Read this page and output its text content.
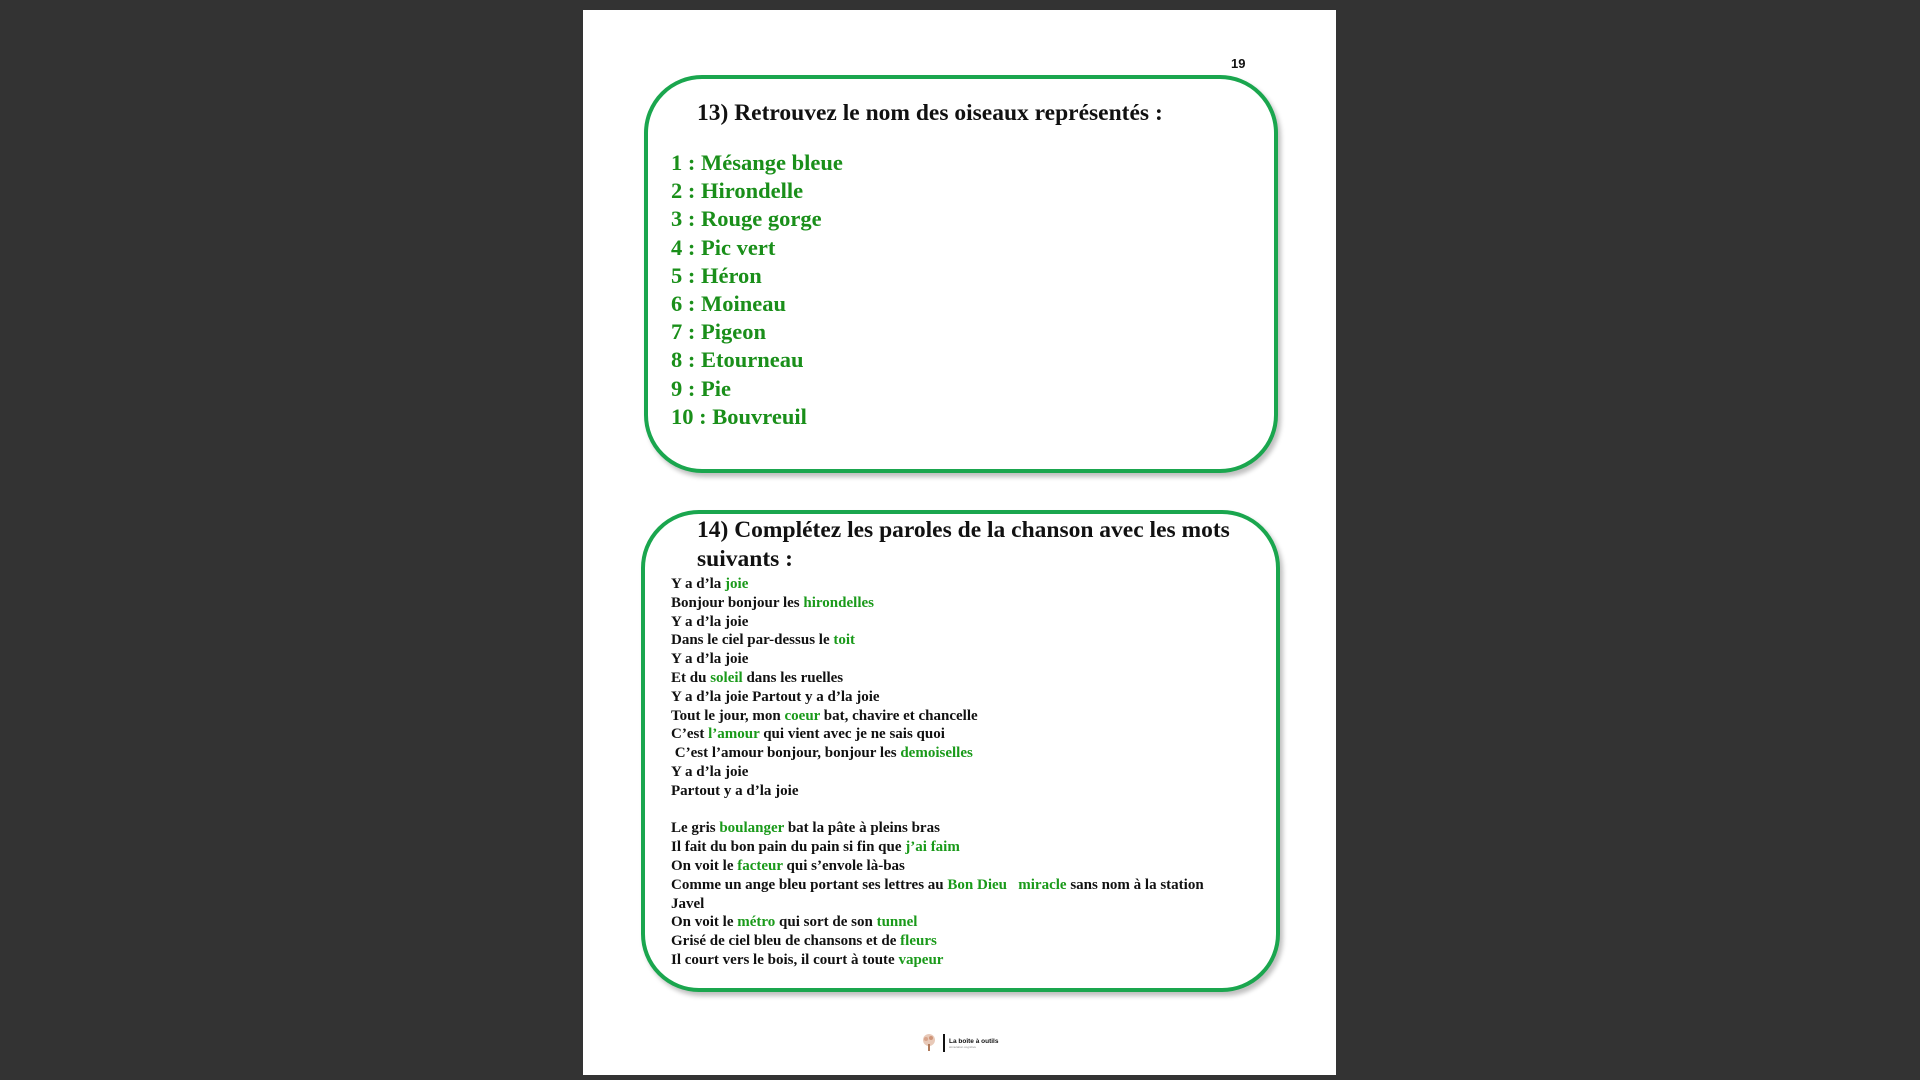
19
13) Retrouvez le nom des oiseaux représentés :
1 : Mésange bleue
2 : Hirondelle
3 : Rouge gorge
4 : Pic vert
5 : Héron
6 : Moineau
7 : Pigeon
8 : Etourneau
9 : Pie
10 : Bouvreuil
14) Complétez les paroles de la chanson avec les mots suivants :
Y a d’la joie
Bonjour bonjour les hirondelles
Y a d’la joie
Dans le ciel par-dessus le toit
Y a d’la joie
Et du soleil dans les ruelles
Y a d’la joie Partout y a d’la joie
Tout le jour, mon coeur bat, chavire et chancelle
C’est l’amour qui vient avec je ne sais quoi
C’est l’amour bonjour, bonjour les demoiselles
Y a d’la joie
Partout y a d’la joie
Le gris boulanger bat la pâte à pleins bras
Il fait du bon pain du pain si fin que j’ai faim
On voit le facteur qui s’envole là-bas
Comme un ange bleu portant ses lettres au Bon Dieu miracle sans nom à la station Javel
On voit le métro qui sort de son tunnel
Grisé de ciel bleu de chansons et de fleurs
Il court vers le bois, il court à toute vapeur
La boîte à outils
stimulation cognitive
